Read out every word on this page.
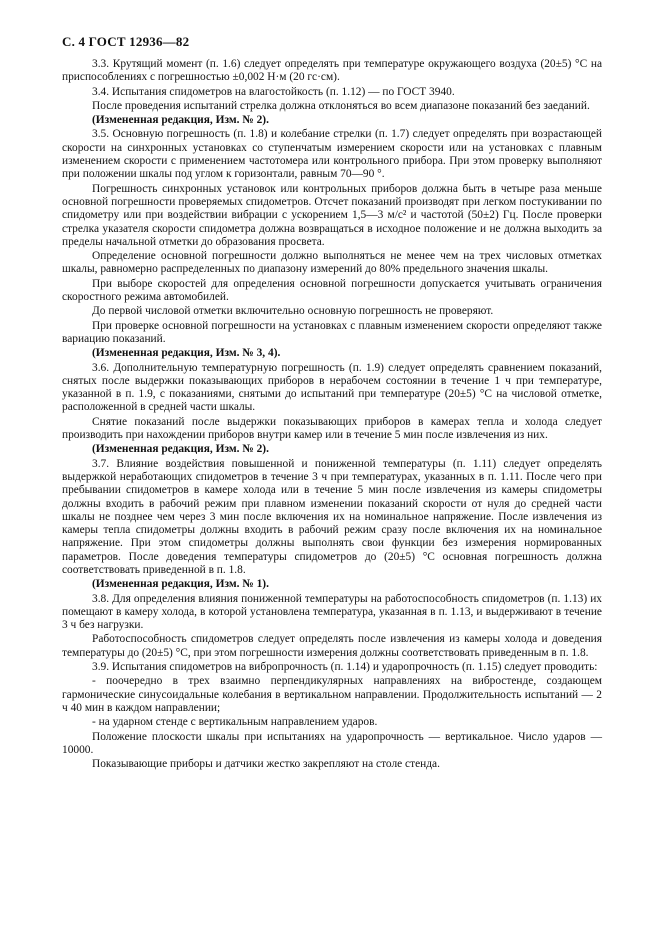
С. 4 ГОСТ 12936—82

3.3. Крутящий момент (п. 1.6) следует определять при температуре окружающего воздуха (20±5) °С на приспособлениях с погрешностью ±0,002 Н·м (20 гс·см).

3.4. Испытания спидометров на влагостойкость (п. 1.12) — по ГОСТ 3940.

После проведения испытаний стрелка должна отклоняться во всем диапазоне показаний без заеданий.

(Измененная редакция, Изм. № 2).

3.5. Основную погрешность (п. 1.8) и колебание стрелки (п. 1.7) следует определять при возрастающей скорости на синхронных установках со ступенчатым измерением скорости или на установках с плавным изменением скорости с применением частотомера или контрольного прибора. При этом проверку выполняют при положении шкалы под углом к горизонтали, равным 70—90 °.

Погрешность синхронных установок или контрольных приборов должна быть в четыре раза меньше основной погрешности проверяемых спидометров. Отсчет показаний производят при легком постукивании по спидометру или при воздействии вибрации с ускорением 1,5—3 м/с² и частотой (50±2) Гц. После проверки стрелка указателя скорости спидометра должна возвращаться в исходное положение и не должна выходить за пределы начальной отметки до образования просвета.

Определение основной погрешности должно выполняться не менее чем на трех числовых отметках шкалы, равномерно распределенных по диапазону измерений до 80% предельного значения шкалы.

При выборе скоростей для определения основной погрешности допускается учитывать ограничения скоростного режима автомобилей.

До первой числовой отметки включительно основную погрешность не проверяют.

При проверке основной погрешности на установках с плавным изменением скорости определяют также вариацию показаний.

(Измененная редакция, Изм. № 3, 4).

3.6. Дополнительную температурную погрешность (п. 1.9) следует определять сравнением показаний, снятых после выдержки показывающих приборов в нерабочем состоянии в течение 1 ч при температуре, указанной в п. 1.9, с показаниями, снятыми до испытаний при температуре (20±5) °С на числовой отметке, расположенной в средней части шкалы.

Снятие показаний после выдержки показывающих приборов в камерах тепла и холода следует производить при нахождении приборов внутри камер или в течение 5 мин после извлечения из них.

(Измененная редакция, Изм. № 2).

3.7. Влияние воздействия повышенной и пониженной температуры (п. 1.11) следует определять выдержкой неработающих спидометров в течение 3 ч при температурах, указанных в п. 1.11. После чего при пребывании спидометров в камере холода или в течение 5 мин после извлечения из камеры спидометры должны входить в рабочий режим при плавном изменении показаний скорости от нуля до средней части шкалы не позднее чем через 3 мин после включения их на номинальное напряжение. После извлечения из камеры тепла спидометры должны входить в рабочий режим сразу после включения их на номинальное напряжение. При этом спидометры должны выполнять свои функции без измерения нормированных параметров. После доведения температуры спидометров до (20±5) °С основная погрешность должна соответствовать приведенной в п. 1.8.

(Измененная редакция, Изм. № 1).

3.8. Для определения влияния пониженной температуры на работоспособность спидометров (п. 1.13) их помещают в камеру холода, в которой установлена температура, указанная в п. 1.13, и выдерживают в течение 3 ч без нагрузки.

Работоспособность спидометров следует определять после извлечения из камеры холода и доведения температуры до (20±5) °С, при этом погрешности измерения должны соответствовать приведенным в п. 1.8.

3.9. Испытания спидометров на вибропрочность (п. 1.14) и ударопрочность (п. 1.15) следует проводить:

- поочередно в трех взаимно перпендикулярных направлениях на вибростенде, создающем гармонические синусоидальные колебания в вертикальном направлении. Продолжительность испытаний — 2 ч 40 мин в каждом направлении;

- на ударном стенде с вертикальным направлением ударов.

Положение плоскости шкалы при испытаниях на ударопрочность — вертикальное. Число ударов — 10000.

Показывающие приборы и датчики жестко закрепляют на столе стенда.
